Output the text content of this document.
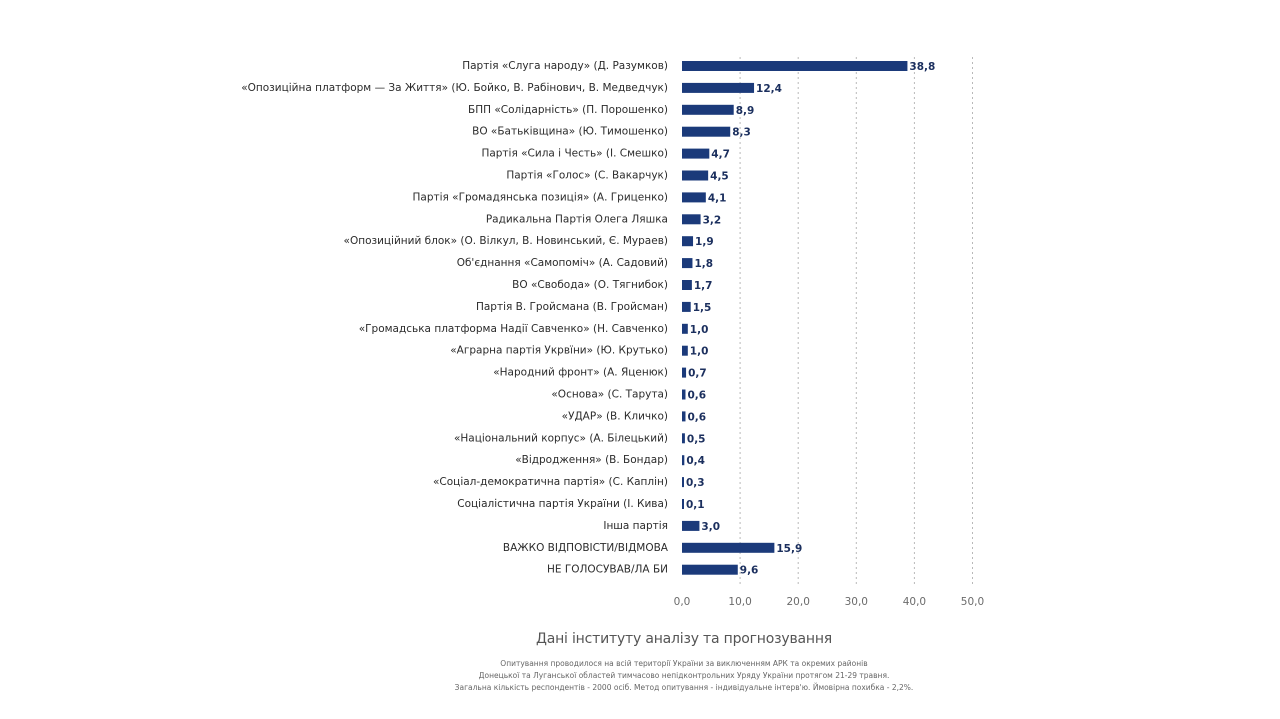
0,0	10,0	20,0	30,0	40,0	50,0
Партія «Слуга народу» (Д. Разумков)	38,8
«Опозиційна платформ — За Життя» (Ю. Бойко, В. Рабінович, В. Медведчук)	12,4
БПП «Солідарність» (П. Порошенко)	8,9
ВО «Батьківщина» (Ю. Тимошенко)	8,3
Партія «Сила і Честь» (І. Смешко)	4,7
Партія «Голос» (С. Вакарчук)	4,5
Партія «Громадянська позиція» (А. Гриценко)	4,1
Радикальна Партія Олега Ляшка	3,2
«Опозиційний блок» (О. Вілкул, В. Новинський, Є. Мураев)	1,9
Об'єднання «Самопоміч» (А. Садовий)	1,8
ВО «Свобода» (О. Тягнибок) 1,7
Партія В. Гройсмана (В. Гройсман) 1,5
«Громадська платформа Надії Савченко» (Н. Савченко) 1,0
«Аграрна партія Укрвїни» (Ю. Крутько) 1,0
«Народний фронт» (А. Яценюк) 0,7
«Основа» (С. Тарута) 0,6
«УДАР» (В. Кличко) 0,6
«Національний корпус» (А. Білецький) 0,5
«Відродження» (В. Бондар) 0,4
«Соціал-демократична партія» (С. Каплін) 0,3
Соціалістична партія України (І. Кива) 0,1
Інша партія	3,0
ВАЖКО ВІДПОВІСТИ/ВІДМОВА	15,9
НЕ ГОЛОСУВАВ/ЛА БИ	9,6
Дані інституту аналізу та прогнозування
Опитування проводилося на всій території України за виключенням АРК та окремих районів
Донецької та Луганської областей тимчасово непідконтрольних Уряду України протягом 21-29 травня.
Загальна кількість респондентів - 2000 осіб. Метод опитування - індивідуальне інтерв'ю. Ймовірна похибка - 2,2%.
